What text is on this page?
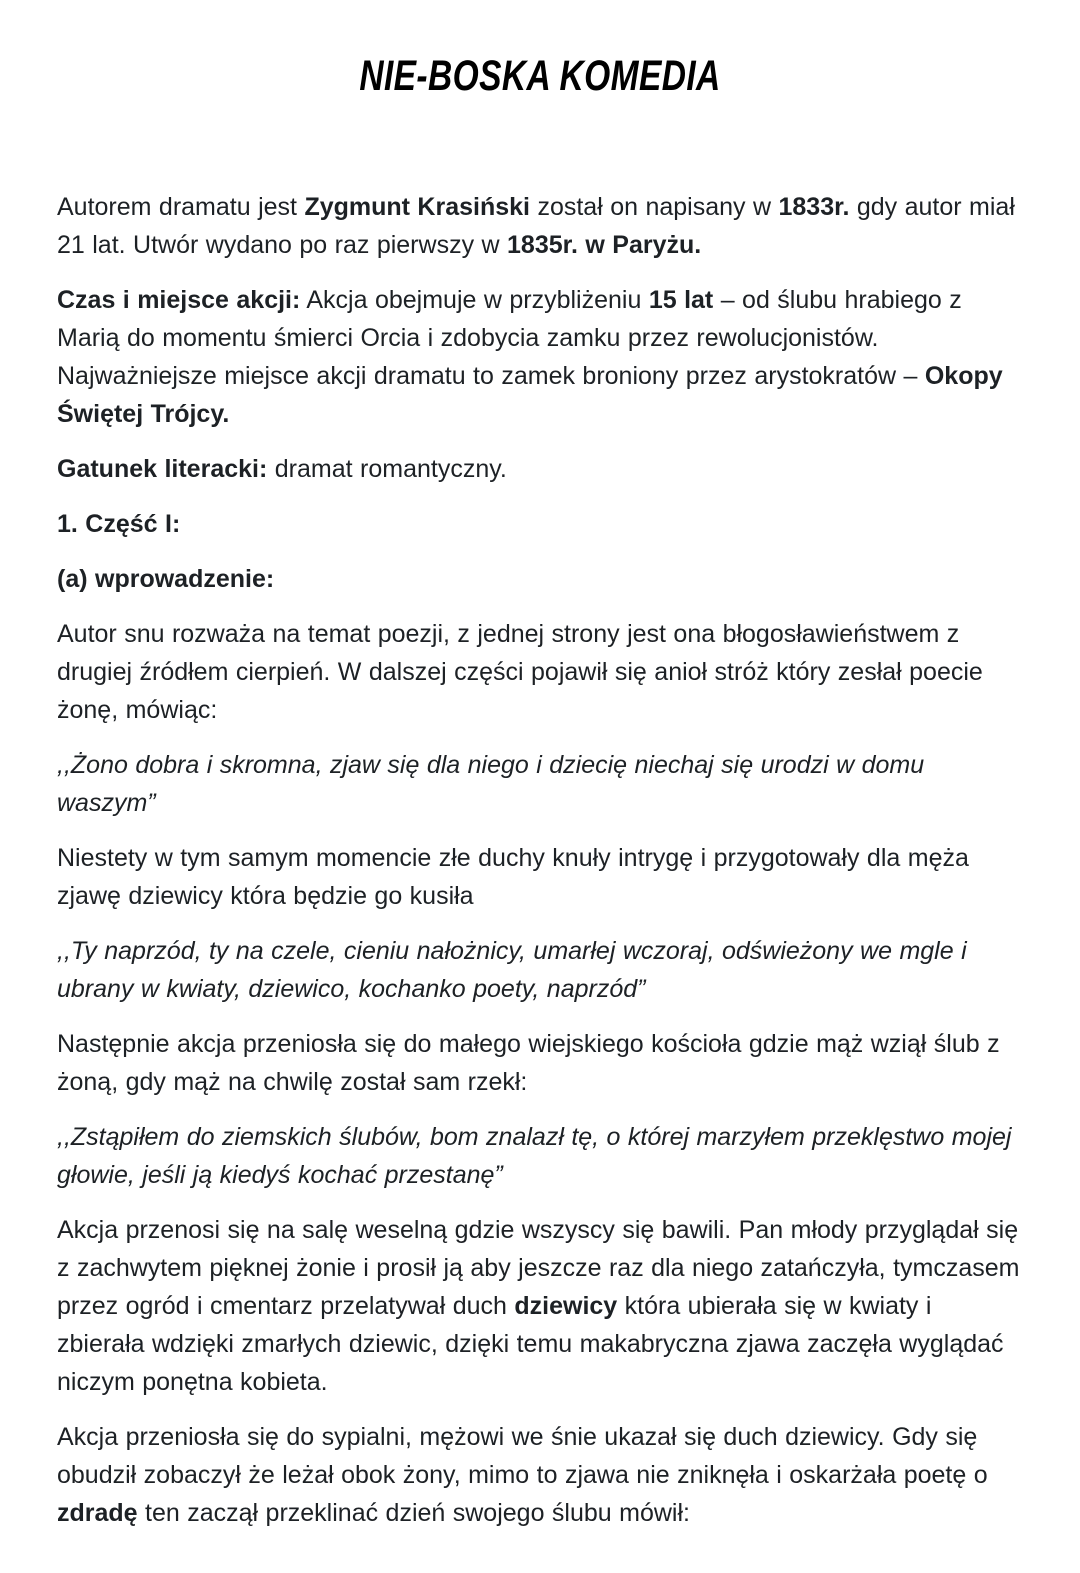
NIE-BOSKA KOMEDIA

Autorem dramatu jest Zygmunt Krasiński został on napisany w 1833r. gdy autor miał 21 lat. Utwór wydano po raz pierwszy w 1835r. w Paryżu.

Czas i miejsce akcji: Akcja obejmuje w przybliżeniu 15 lat – od ślubu hrabiego z Marią do momentu śmierci Orcia i zdobycia zamku przez rewolucjonistów. Najważniejsze miejsce akcji dramatu to zamek broniony przez arystokratów – Okopy Świętej Trójcy.

Gatunek literacki: dramat romantyczny.

1. Część I:

(a) wprowadzenie:

Autor snu rozważa na temat poezji, z jednej strony jest ona błogosławieństwem z drugiej źródłem cierpień. W dalszej części pojawił się anioł stróż który zesłał poecie żonę, mówiąc:

,,Żono dobra i skromna, zjaw się dla niego i dziecię niechaj się urodzi w domu waszym”

Niestety w tym samym momencie złe duchy knuły intrygę i przygotowały dla męża zjawę dziewicy która będzie go kusiła

,,Ty naprzód, ty na czele, cieniu nałożnicy, umarłej wczoraj, odświeżony we mgle i ubrany w kwiaty, dziewico, kochanko poety, naprzód”

Następnie akcja przeniosła się do małego wiejskiego kościoła gdzie mąż wziął ślub z żoną, gdy mąż na chwilę został sam rzekł:

,,Zstąpiłem do ziemskich ślubów, bom znalazł tę, o której marzyłem przeklęstwo mojej głowie, jeśli ją kiedyś kochać przestanę”

Akcja przenosi się na salę weselną gdzie wszyscy się bawili. Pan młody przyglądał się z zachwytem pięknej żonie i prosił ją aby jeszcze raz dla niego zatańczyła, tymczasem przez ogród i cmentarz przelatywał duch dziewicy która ubierała się w kwiaty i zbierała wdzięki zmarłych dziewic, dzięki temu makabryczna zjawa zaczęła wyglądać niczym ponętna kobieta.

Akcja przeniosła się do sypialni, mężowi we śnie ukazał się duch dziewicy. Gdy się obudził zobaczył że leżał obok żony, mimo to zjawa nie zniknęła i oskarżała poetę o zdradę ten zaczął przeklinać dzień swojego ślubu mówił:
